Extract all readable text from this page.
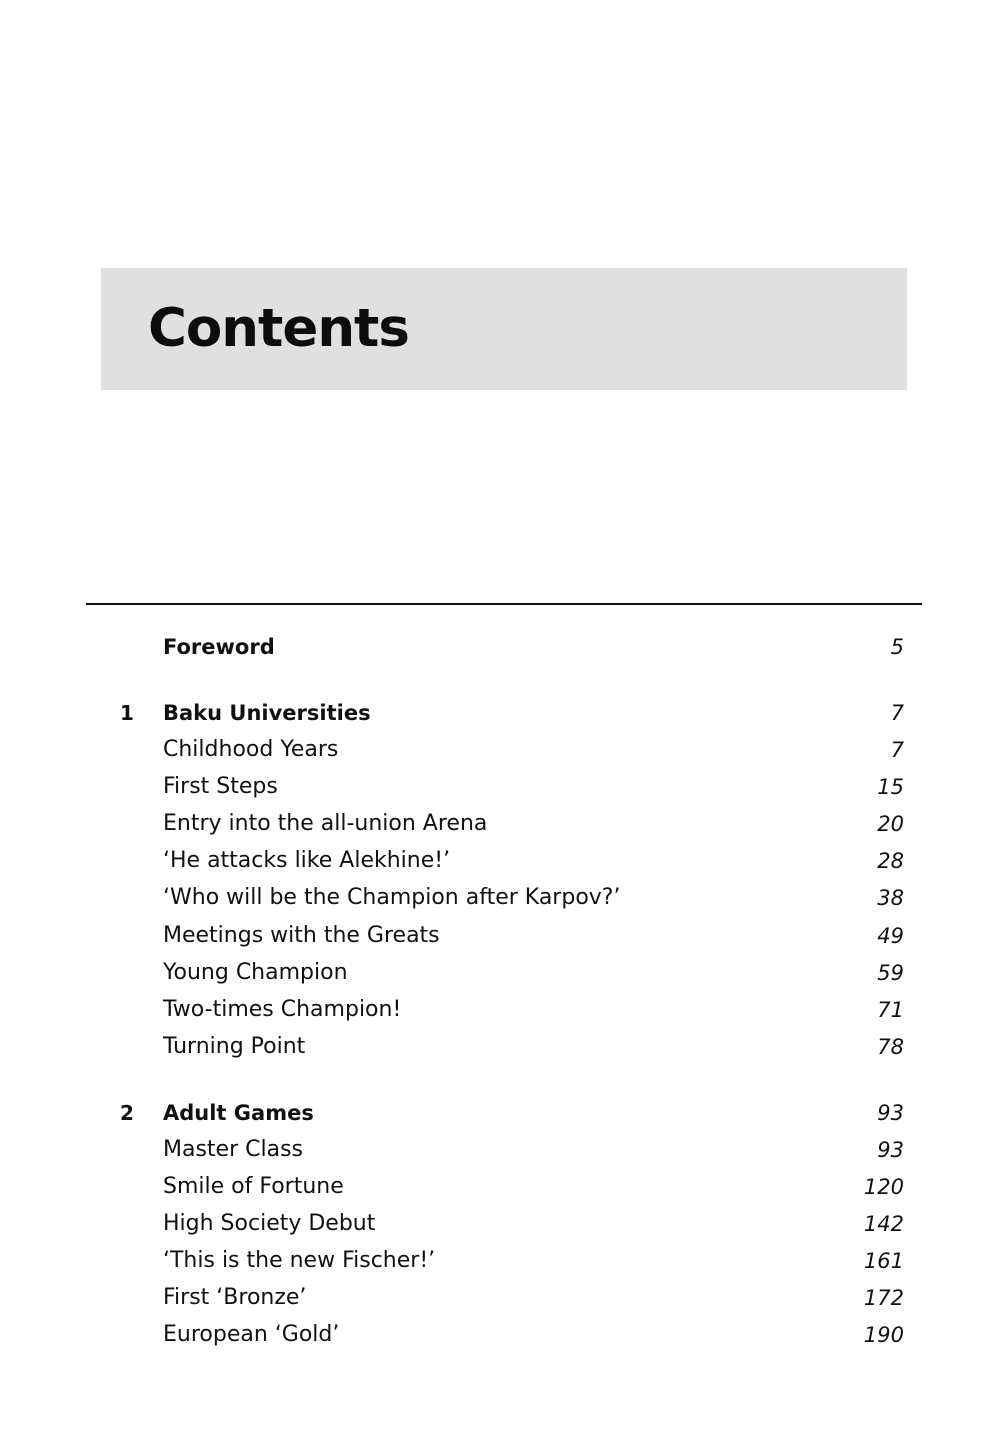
Contents
Foreword	5
1 Baku Universities	7
Childhood Years	7
First Steps	15
Entry into the all-union Arena	20
‘He attacks like Alekhine!’	28
‘Who will be the Champion after Karpov?’	38
Meetings with the Greats	49
Young Champion	59
Two-times Champion!	71
Turning Point	78
2 Adult Games	93
Master Class	93
Smile of Fortune	120
High Society Debut	142
‘This is the new Fischer!’	161
First ‘Bronze’	172
European ‘Gold’	190
